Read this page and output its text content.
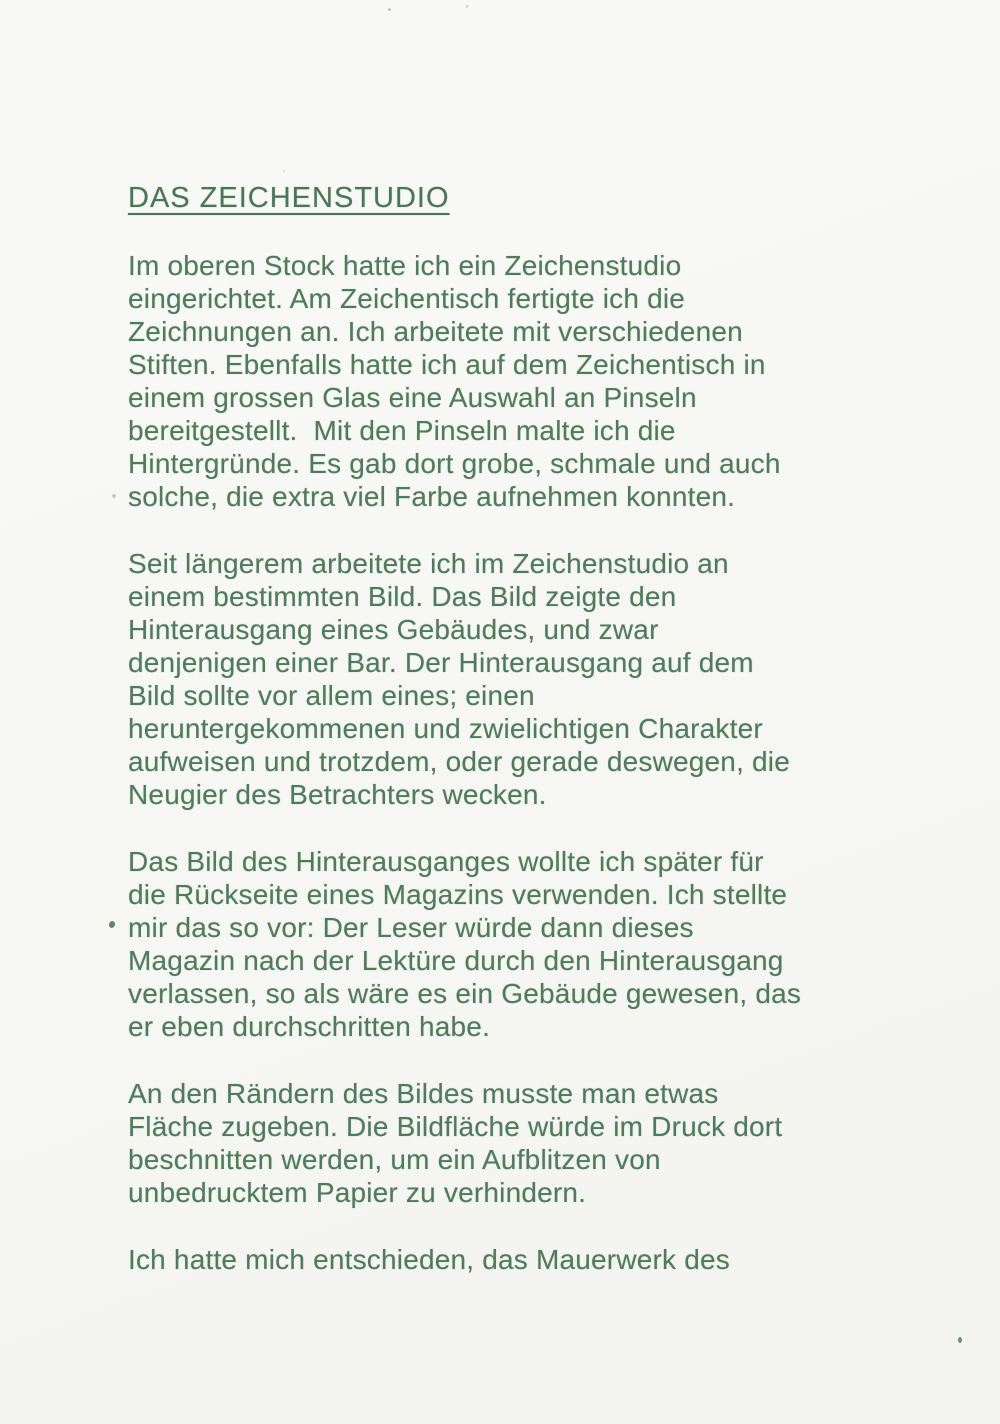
DAS ZEICHENSTUDIO
Im oberen Stock hatte ich ein Zeichenstudio
eingerichtet. Am Zeichentisch fertigte ich die
Zeichnungen an. Ich arbeitete mit verschiedenen
Stiften. Ebenfalls hatte ich auf dem Zeichentisch in
einem grossen Glas eine Auswahl an Pinseln
bereitgestellt.  Mit den Pinseln malte ich die
Hintergründe. Es gab dort grobe, schmale und auch
solche, die extra viel Farbe aufnehmen konnten.
Seit längerem arbeitete ich im Zeichenstudio an
einem bestimmten Bild. Das Bild zeigte den
Hinterausgang eines Gebäudes, und zwar
denjenigen einer Bar. Der Hinterausgang auf dem
Bild sollte vor allem eines; einen
heruntergekommenen und zwielichtigen Charakter
aufweisen und trotzdem, oder gerade deswegen, die
Neugier des Betrachters wecken.
Das Bild des Hinterausganges wollte ich später für
die Rückseite eines Magazins verwenden. Ich stellte
mir das so vor: Der Leser würde dann dieses
Magazin nach der Lektüre durch den Hinterausgang
verlassen, so als wäre es ein Gebäude gewesen, das
er eben durchschritten habe.
An den Rändern des Bildes musste man etwas
Fläche zugeben. Die Bildfläche würde im Druck dort
beschnitten werden, um ein Aufblitzen von
unbedrucktem Papier zu verhindern.
Ich hatte mich entschieden, das Mauerwerk des
